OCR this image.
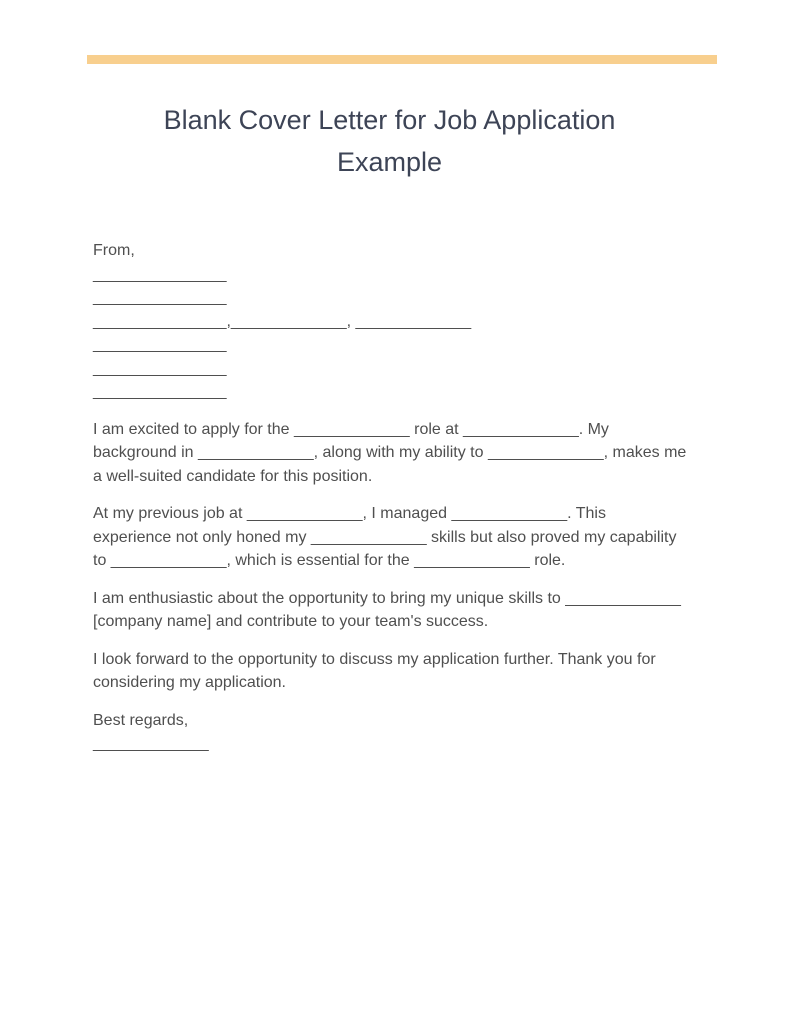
Blank Cover Letter for Job Application
Example
From,
_______________
_______________
_______________,_____________, _____________
_______________
_______________
_______________

I am excited to apply for the _____________ role at _____________. My
background in _____________, along with my ability to _____________, makes me
a well-suited candidate for this position.

At my previous job at _____________, I managed _____________. This
experience not only honed my _____________ skills but also proved my capability
to _____________, which is essential for the _____________ role.

I am enthusiastic about the opportunity to bring my unique skills to _____________
[company name] and contribute to your team's success.

I look forward to the opportunity to discuss my application further. Thank you for
considering my application.

Best regards,
_____________
